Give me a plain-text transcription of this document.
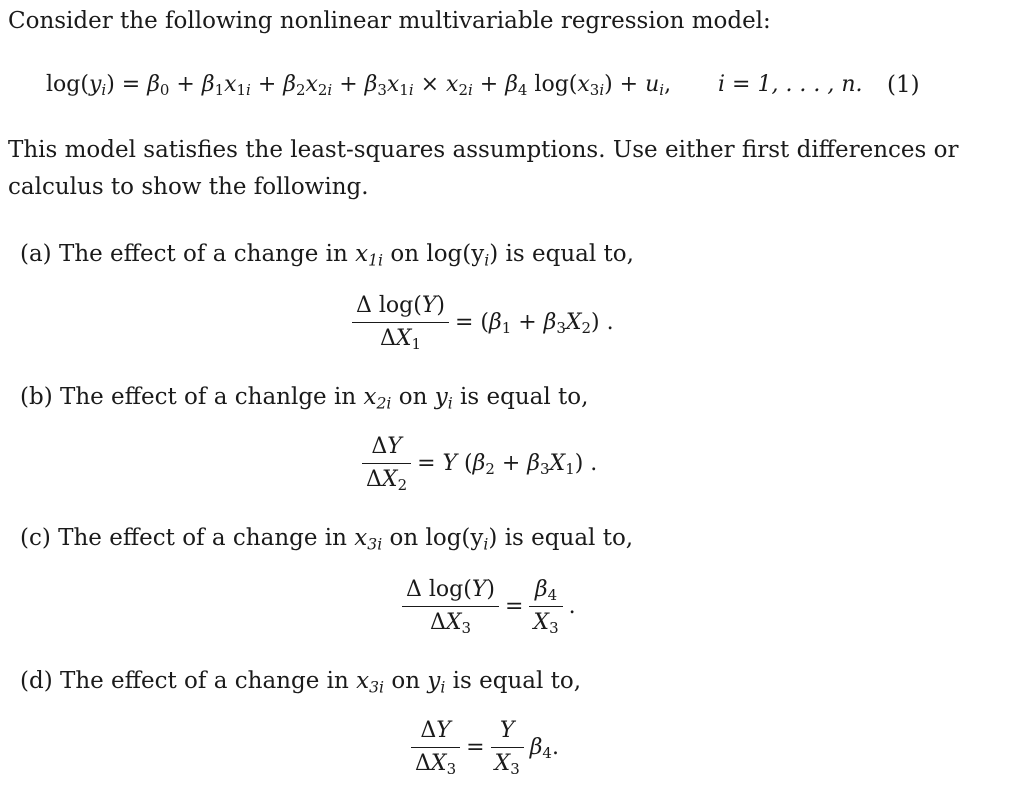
Consider the following nonlinear multivariable regression model:
$\log(y_i) = \beta_0 + \beta_1x_{1i} + \beta_2x_{2i} + \beta_3x_{1i} \times x_{2i} + \beta_4$ $\log(x_{3i}) + u_i$, i = 1, . . . , n. (1)
This model satisfies the least-squares assumptions. Use either first differences or
calculus to show the following.
(a) The effect of a change in $x_{1i}$ on $\log(y_i)$ is equal to,
$\frac{\text{Δ log(Y)}}{\Delta X_1} = (\beta_1 + \beta_3X_2)$ .
(b) The effect of a chanlge in $x_{2i}$ on $y_i$ is equal to,
$\frac{\Delta Y}{\Delta X_2} = Y$ $(\beta_2 + \beta_3X_1)$ .
(c) The effect of a change in $x_{3i}$ on $\log(y_i)$ is equal to,
$\frac{\text{Δ log(Y)}}{\Delta X_3} = \frac{\beta_4}{X_3}$ .
(d) The effect of a change in $x_{3i}$ on $y_i$ is equal to,
$\frac{\Delta Y}{\Delta X_3} = \frac{Y}{X_3} \beta_4$.
